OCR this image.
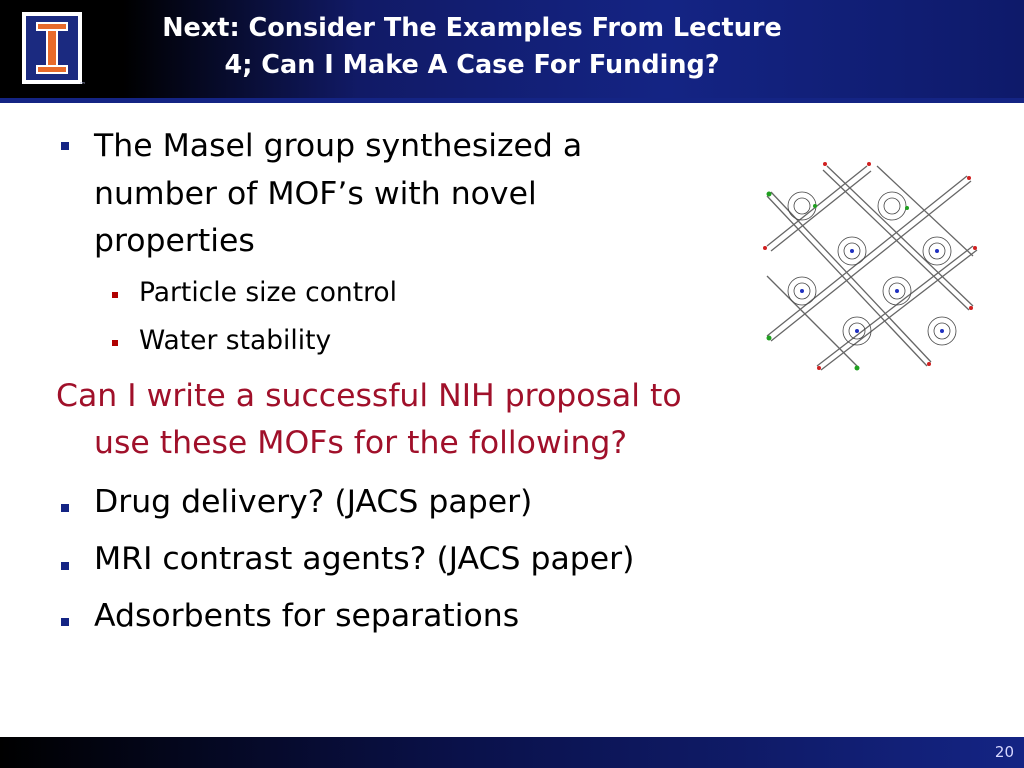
™
Next: Consider The Examples From Lecture
4; Can I Make A Case For Funding?
The Masel group synthesized a
number of MOF’s with novel
properties
Particle size control
Water stability
Can I write a successful NIH proposal to
use these MOFs for the following?
Drug delivery? (JACS paper)
MRI contrast agents? (JACS paper)
Adsorbents for separations
20
